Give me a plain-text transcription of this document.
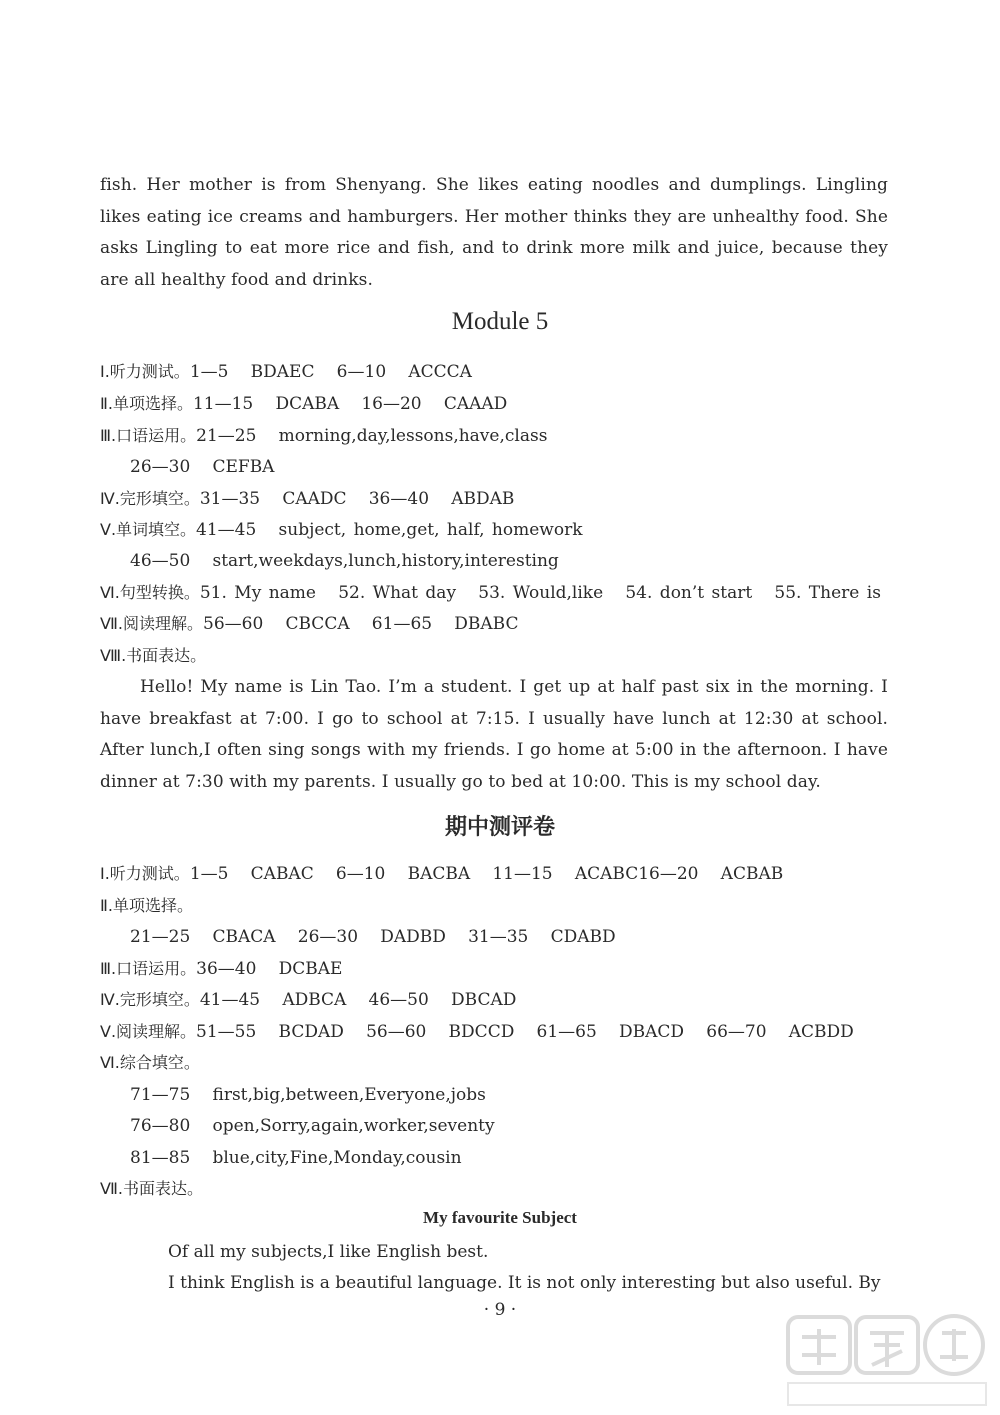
fish. Her mother is from Shenyang. She likes eating noodles and dumplings. Lingling likes eating ice creams and hamburgers. Her mother thinks they are unhealthy food. She asks Lingling to eat more rice and fish, and to drink more milk and juice, because they are all healthy food and drinks.
Module 5
Ⅰ.听力测试。1—5   BDAEC   6—10   ACCCA
Ⅱ.单项选择。11—15   DCABA   16—20   CAAAD
Ⅲ.口语运用。21—25   morning,day,lessons,have,class
26—30   CEFBA
Ⅳ.完形填空。31—35   CAADC   36—40   ABDAB
Ⅴ.单词填空。41—45   subject, home,get, half, homework
46—50   start,weekdays,lunch,history,interesting
Ⅵ.句型转换。51. My name   52. What day   53. Would,like   54. don’t start   55. There is
Ⅶ.阅读理解。56—60   CBCCA   61—65   DBABC
Ⅷ.书面表达。
Hello! My name is Lin Tao. I’m a student. I get up at half past six in the morning. I have breakfast at 7:00. I go to school at 7:15. I usually have lunch at 12:30 at school. After lunch,I often sing songs with my friends. I go home at 5:00 in the afternoon. I have dinner at 7:30 with my parents. I usually go to bed at 10:00. This is my school day.
期中测评卷
Ⅰ.听力测试。1—5   CABAC   6—10   BACBA   11—15   ACABC16—20   ACBAB
Ⅱ.单项选择。
21—25   CBACA   26—30   DADBD   31—35   CDABD
Ⅲ.口语运用。36—40   DCBAE
Ⅳ.完形填空。41—45   ADBCA   46—50   DBCAD
Ⅴ.阅读理解。51—55   BCDAD   56—60   BDCCD   61—65   DBACD   66—70   ACBDD
Ⅵ.综合填空。
71—75   first,big,between,Everyone,jobs
76—80   open,Sorry,again,worker,seventy
81—85   blue,city,Fine,Monday,cousin
Ⅶ.书面表达。
My favourite Subject
Of all my subjects,I like English best.
I think English is a beautiful language. It is not only interesting but also useful. By
· 9 ·
